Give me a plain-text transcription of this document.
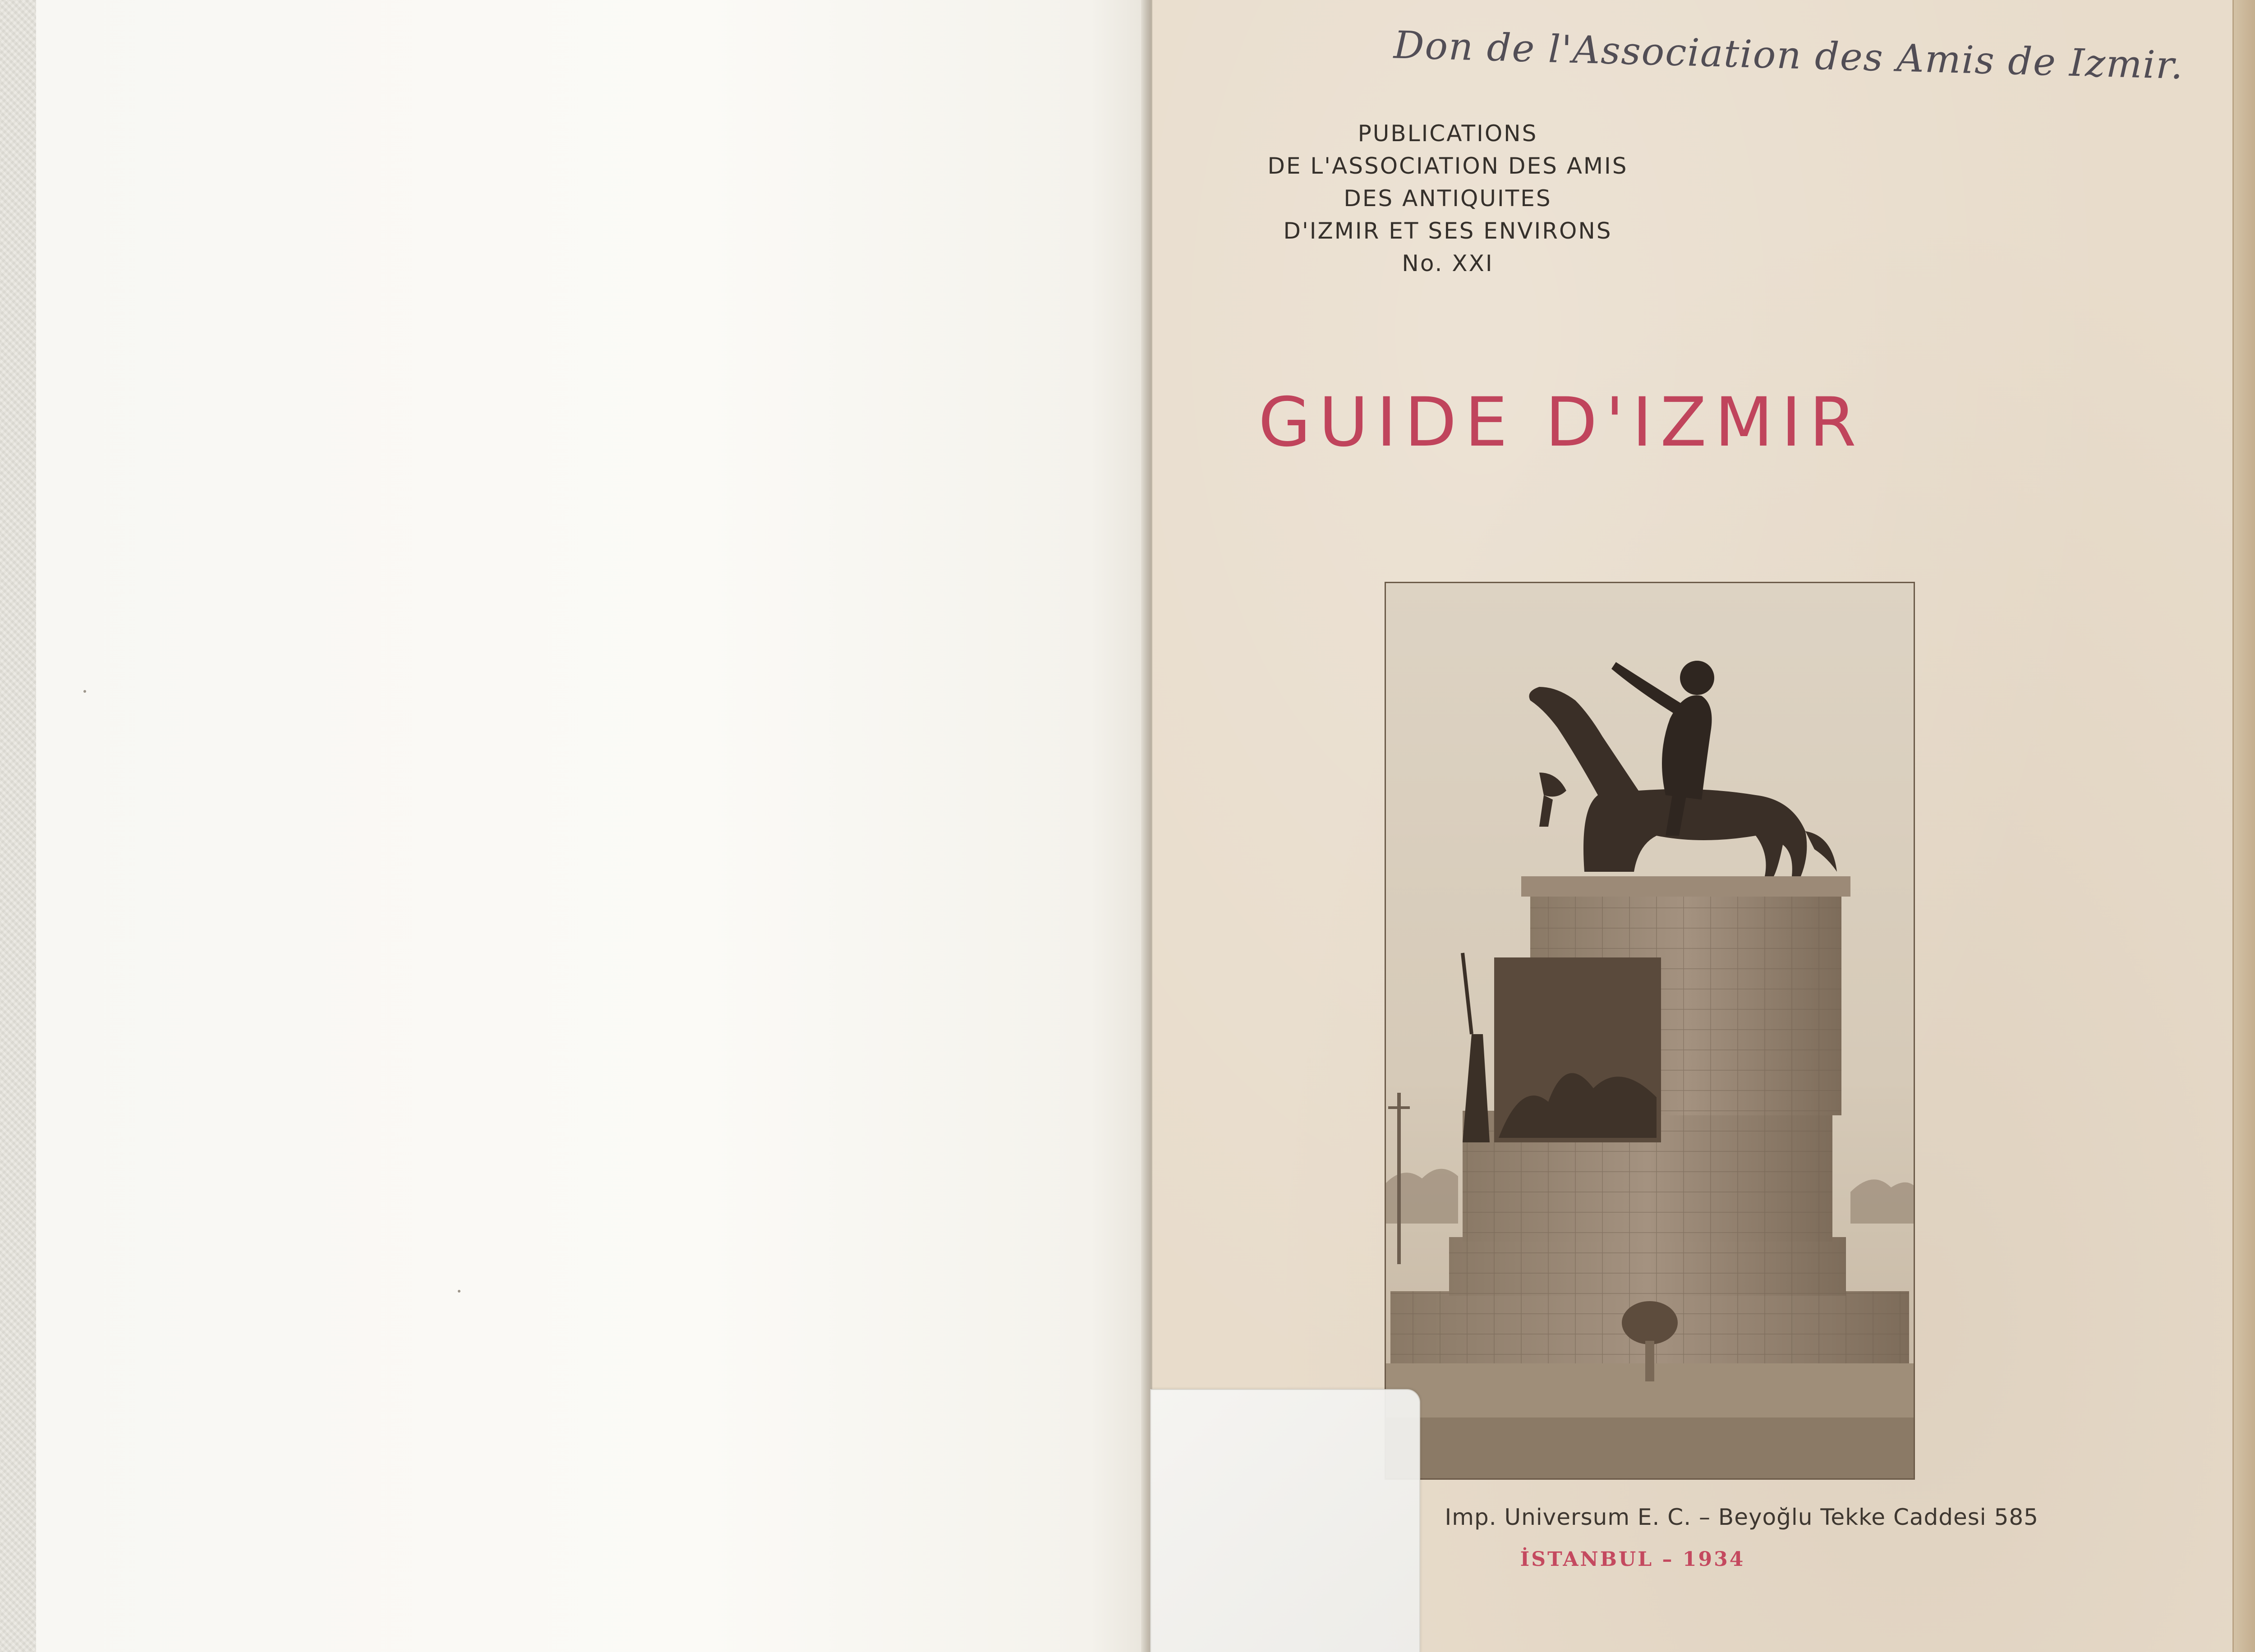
Don de l'Association des Amis de Izmir.
PUBLICATIONS
DE L'ASSOCIATION DES AMIS
DES ANTIQUITES
D'IZMIR ET SES ENVIRONS
No. XXI
GUIDE D'IZMIR
Imp. Universum E. C. – Beyoğlu Tekke Caddesi 585
İSTANBUL – 1934
